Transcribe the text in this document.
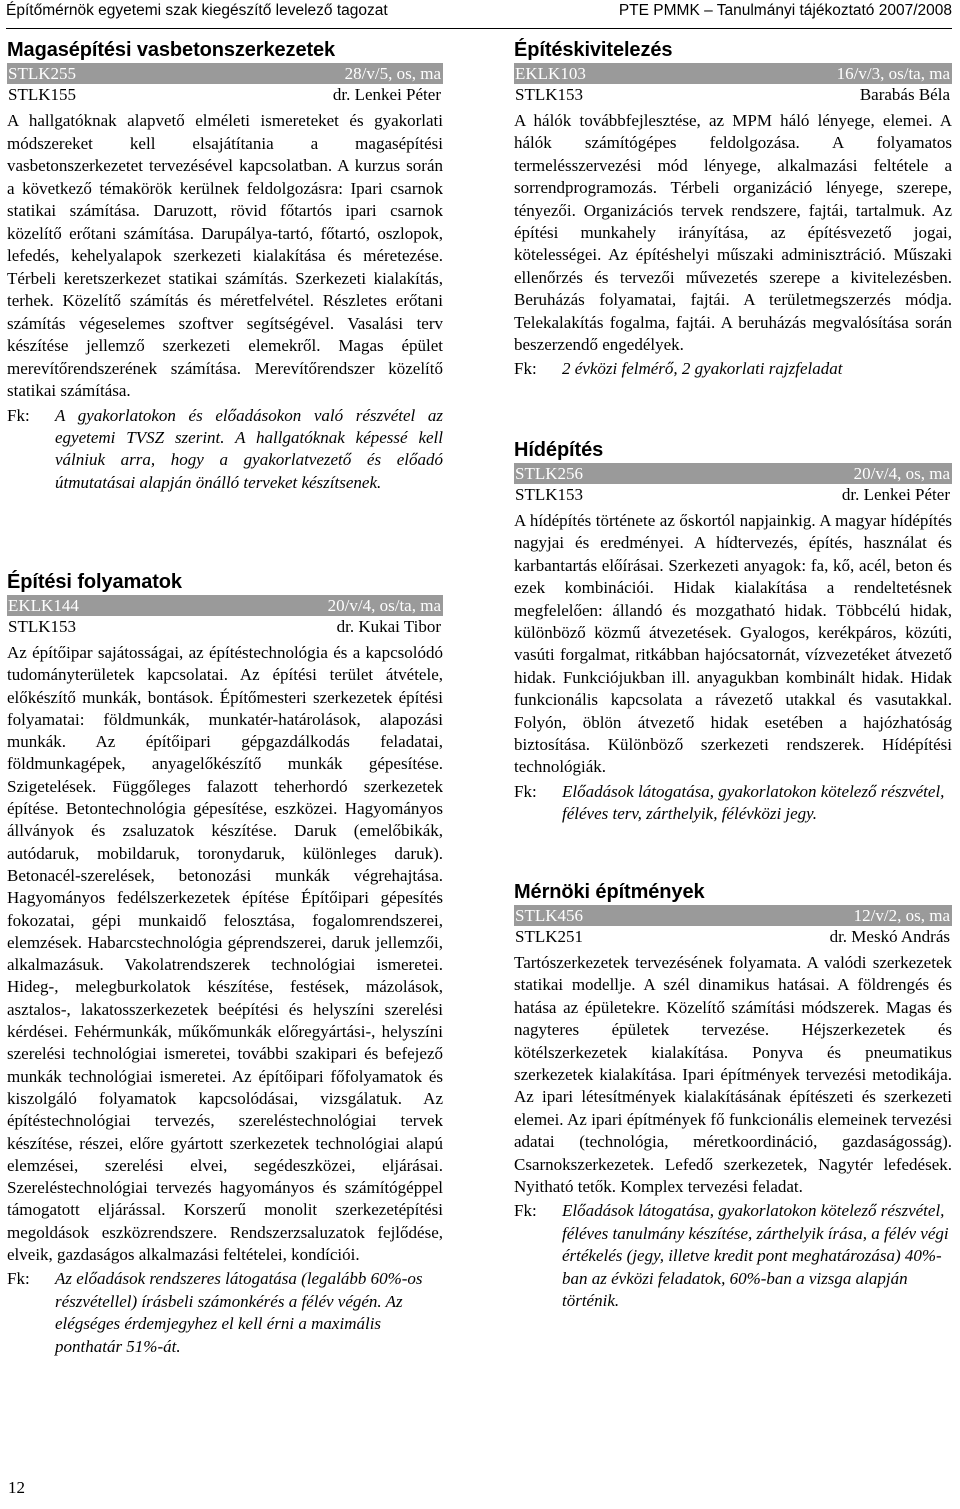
Építőmérnök egyetemi szak kiegészítő levelező tagozat	PTE PMMK – Tanulmányi tájékoztató 2007/2008
Magasépítési vasbetonszerkezetek
STLK255	28/v/5, os, ma
STLK155	dr. Lenkei Péter

A hallgatóknak alapvető elméleti ismereteket és gyakorlati módszereket kell elsajátítania a magasépítési vasbetonszerkezetet tervezésével kapcsolatban. A kurzus során a következő témakörök kerülnek feldolgozásra: Ipari csarnok statikai számítása. Daruzott, rövid főtartós ipari csarnok közelítő erőtani számítása. Darupálya-tartó, főtartó, oszlopok, lefedés, kehelyalapok szerkezeti kialakítása és méretezése. Térbeli keretszerkezet statikai számítás. Szerkezeti kialakítás, terhek. Közelítő számítás és méretfelvétel. Részletes erőtani számítás végeselemes szoftver segítségével. Vasalási terv készítése jellemző szerkezeti elemekről. Magas épület merevítőrendszerének számítása. Merevítőrendszer közelítő statikai számítása.

Fk:	A gyakorlatokon és előadásokon való részvétel az egyetemi TVSZ szerint. A hallgatóknak képessé kell válniuk arra, hogy a gyakorlatvezető és előadó útmutatásai alapján önálló terveket készítsenek.
Építési folyamatok
EKLK144	20/v/4, os/ta, ma
STLK153	dr. Kukai Tibor

Az építőipar sajátosságai, az építéstechnológia és a kapcsolódó tudományterületek kapcsolatai. Az építési terület átvétele, előkészítő munkák, bontások. Építőmesteri szerkezetek építési folyamatai: földmunkák, munkatér-határolások, alapozási munkák. Az építőipari gépgazdálkodás feladatai, földmunkagépek, anyagelőkészítő munkák gépesítése. Szigetelések. Függőleges falazott teherhordó szerkezetek építése. Betontechnológia gépesítése, eszközei. Hagyományos állványok és zsaluzatok készítése. Daruk (emelőbikák, autódaruk, mobildaruk, toronydaruk, különleges daruk). Betonacél-szerelések, betonozási munkák végrehajtása. Hagyományos fedélszerkezetek építése Építőipari gépesítés fokozatai, gépi munkaidő felosztása, fogalomrendszerei, elemzések. Habarcstechnológia géprendszerei, daruk jellemzői, alkalmazásuk. Vakolatrendszerek technológiai ismeretei. Hideg-, melegburkolatok készítése, festések, mázolások, asztalos-, lakatosszerkezetek beépítési és helyszíni szerelési kérdései. Fehérmunkák, műkőmunkák előregyártási-, helyszíni szerelési technológiai ismeretei, további szakipari és befejező munkák technológiai ismeretei. Az építőipari főfolyamatok és kiszolgáló folyamatok kapcsolódásai, vizsgálatuk. Az építéstechnológiai tervezés, szereléstechnológiai tervek készítése, részei, előre gyártott szerkezetek technológiai alapú elemzései, szerelési elvei, segédeszközei, eljárásai. Szereléstechnológiai tervezés hagyományos és számítógéppel támogatott eljárással. Korszerű monolit szerkezetépítési megoldások eszközrendszere. Rendszerzsaluzatok fejlődése, elveik, gazdaságos alkalmazási feltételei, kondíciói.

Fk:	Az előadások rendszeres látogatása (legalább 60%-os részvétellel) írásbeli számonkérés a félév végén. Az elégséges érdemjegyhez el kell érni a maximális ponthatár 51%-át.
Építéskivitelezés
EKLK103	16/v/3, os/ta, ma
STLK153	Barabás Béla

A hálók továbbfejlesztése, az MPM háló lényege, elemei. A hálók számítógépes feldolgozása. A folyamatos termelésszervezési mód lényege, alkalmazási feltétele a sorrendprogramozás. Térbeli organizáció lényege, szerepe, tényezői. Organizációs tervek rendszere, fajtái, tartalmuk. Az építési munkahely irányítása, az építésvezető jogai, kötelességei. Az építéshelyi műszaki adminisztráció. Műszaki ellenőrzés és tervezői művezetés szerepe a kivitelezésben. Beruházás folyamatai, fajtái. A területmegszerzés módja. Telekalakítás fogalma, fajtái. A beruházás megvalósítása során beszerzendő engedélyek.

Fk:	2 évközi felmérő, 2 gyakorlati rajzfeladat
Hídépítés
STLK256	20/v/4, os, ma
STLK153	dr. Lenkei Péter

A hídépítés története az őskortól napjainkig. A magyar hídépítés nagyjai és eredményei. A hídtervezés, építés, használat és karbantartás előírásai. Szerkezeti anyagok: fa, kő, acél, beton és ezek kombinációi. Hidak kialakítása a rendeltetésnek megfelelően: állandó és mozgatható hidak. Többcélú hidak, különböző közmű átvezetések. Gyalogos, kerékpáros, közúti, vasúti forgalmat, ritkábban hajócsatornát, vízvezetéket átvezető hidak. Funkciójukban ill. anyagukban kombinált hidak. Hidak funkcionális kapcsolata a rávezető utakkal és vasutakkal. Folyón, öblön átvezető hidak esetében a hajózhatóság biztosítása. Különböző szerkezeti rendszerek. Hídépítési technológiák.

Fk:	Előadások látogatása, gyakorlatokon kötelező részvétel, féléves terv, zárthelyik, félévközi jegy.
Mérnöki építmények
STLK456	12/v/2, os, ma
STLK251	dr. Meskó András

Tartószerkezetek tervezésének folyamata. A valódi szerkezetek statikai modellje. A szél dinamikus hatásai. A földrengés és hatása az épületekre. Közelítő számítási módszerek. Magas és nagyteres épületek tervezése. Héjszerkezetek és kötélszerkezetek kialakítása. Ponyva és pneumatikus szerkezetek kialakítása. Ipari építmények tervezési metodikája. Az ipari létesítmények kialakításának építészeti és szerkezeti elemei. Az ipari építmények fő funkcionális elemeinek tervezési adatai (technológia, méretkoordináció, gazdaságosság). Csarnokszerkezetek. Lefedő szerkezetek, Nagytér lefedések. Nyitható tetők. Komplex tervezési feladat.

Fk:	Előadások látogatása, gyakorlatokon kötelező részvétel, féléves tanulmány készítése, zárthelyik írása, a félév végi értékelés (jegy, illetve kredit pont meghatározása) 40%-ban az évközi feladatok, 60%-ban a vizsga alapján történik.
12
